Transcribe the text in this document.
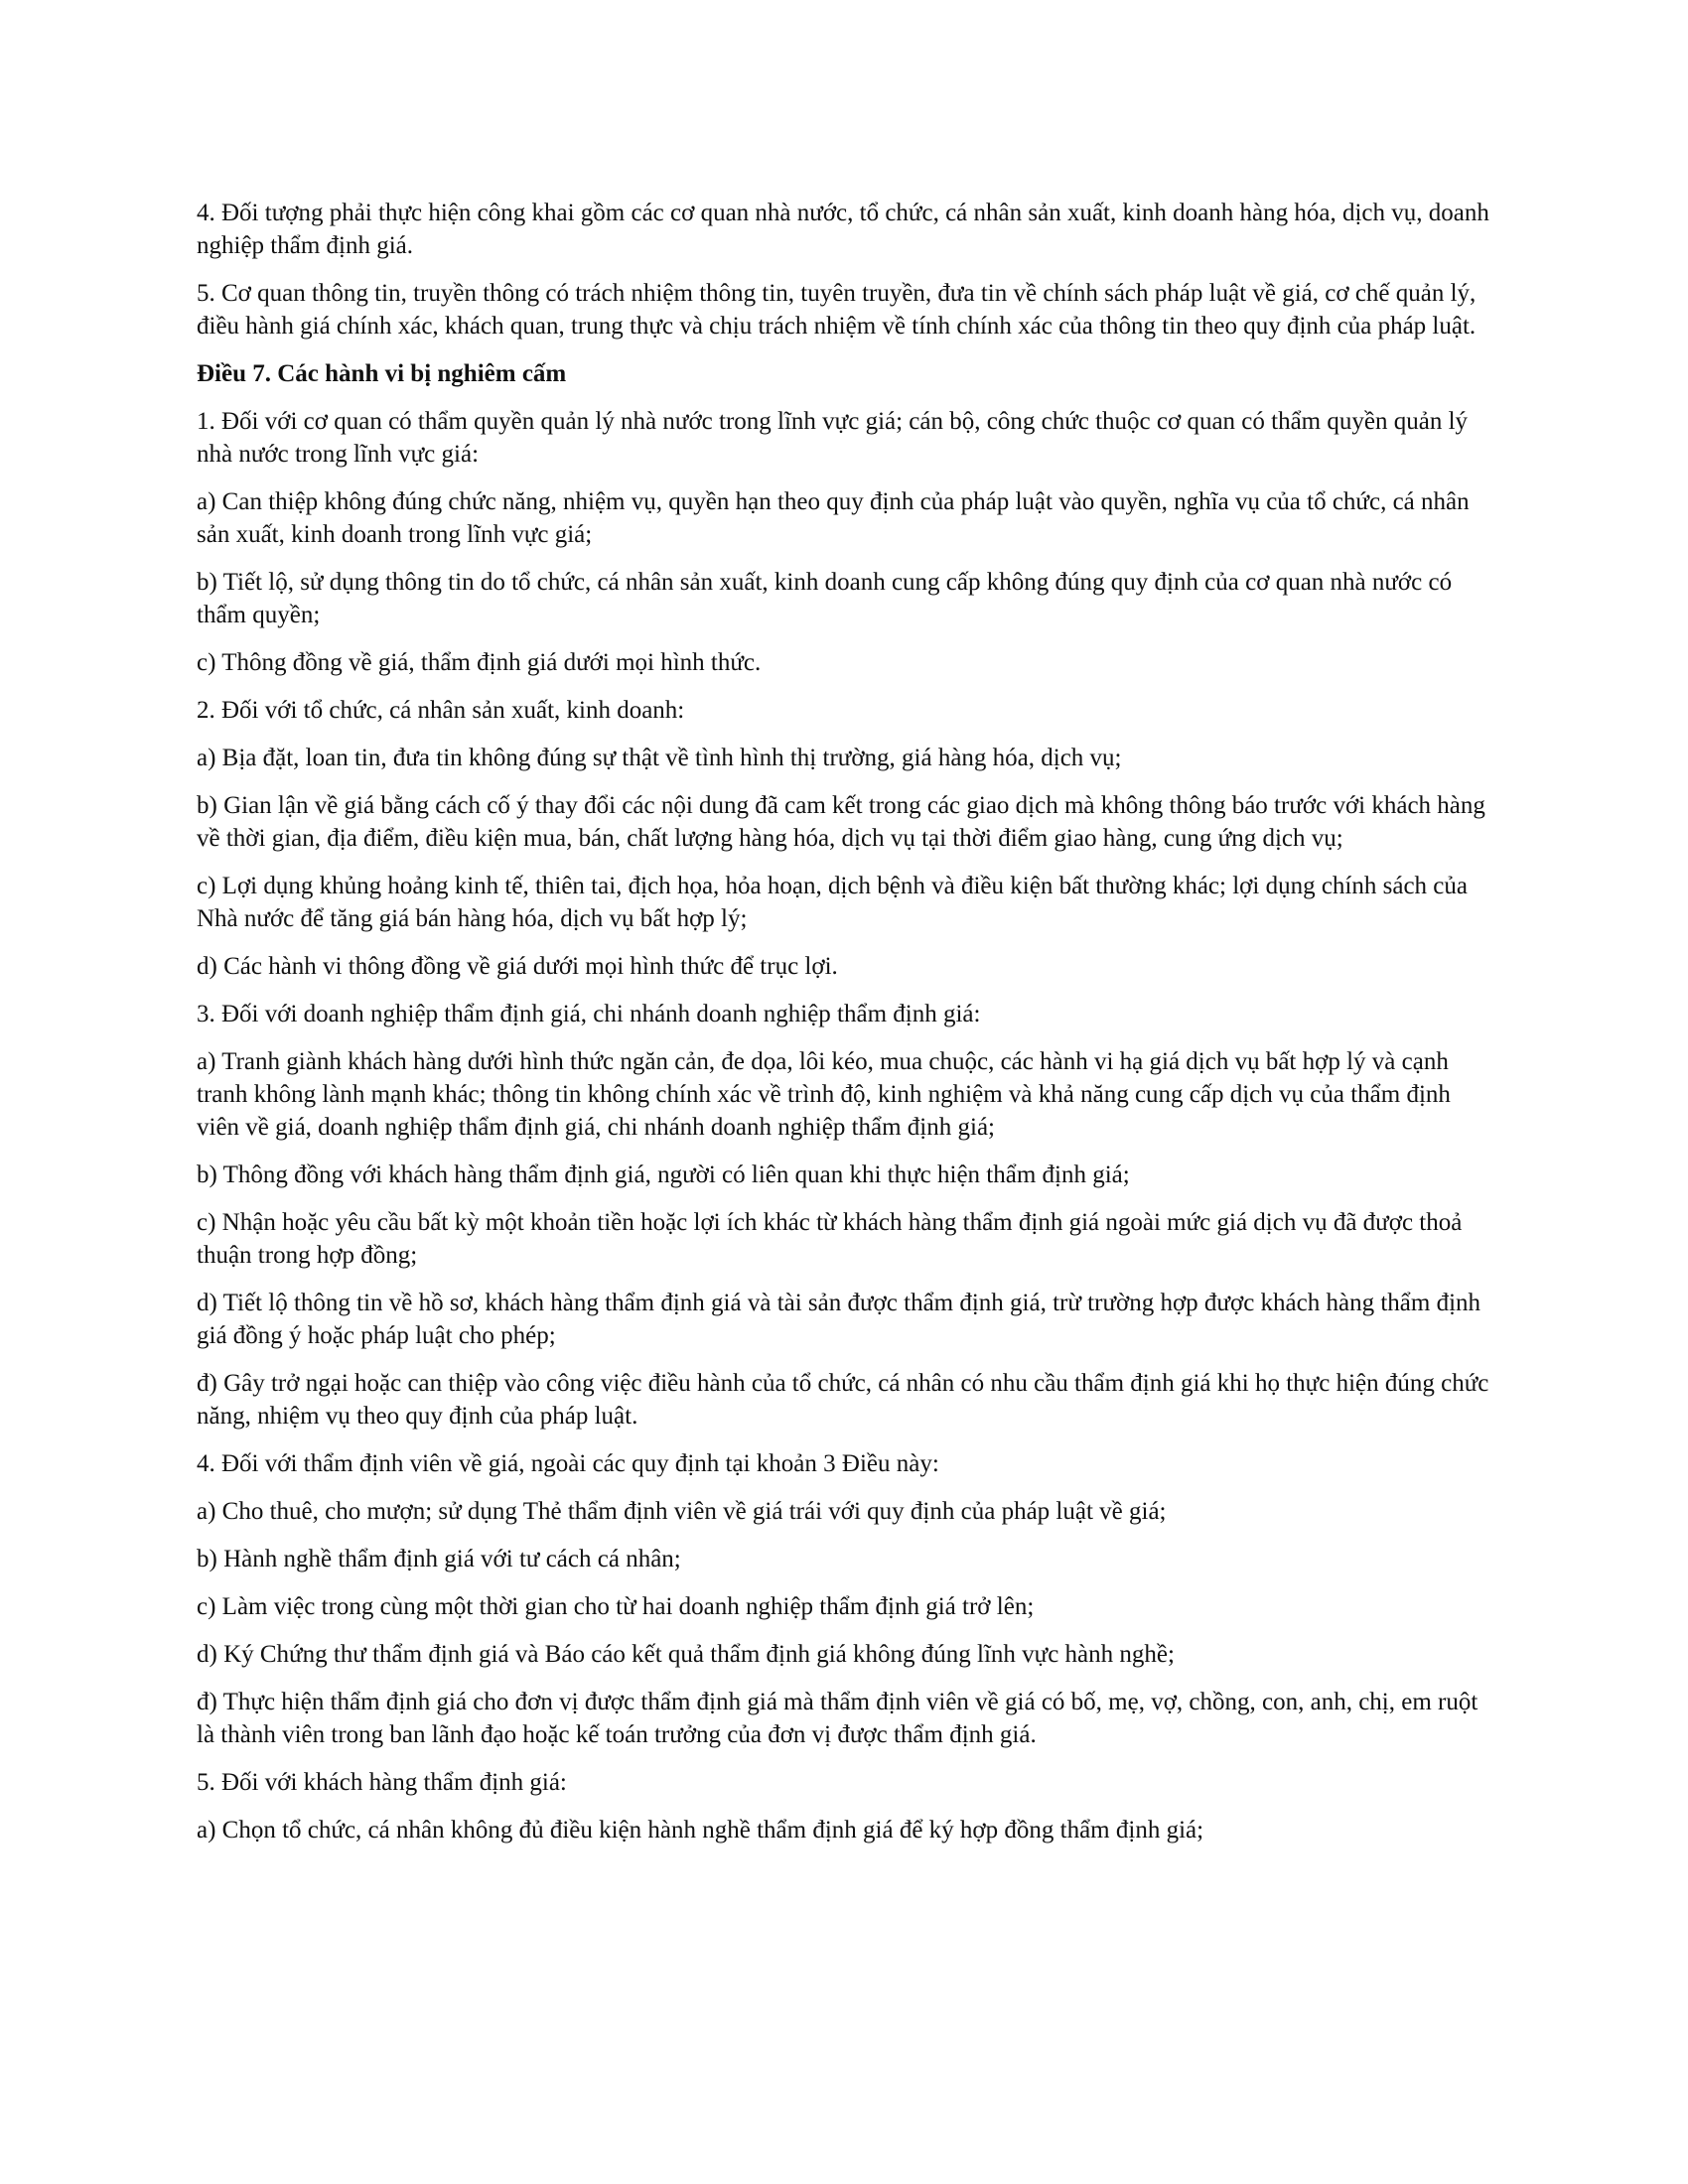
4. Đối tượng phải thực hiện công khai gồm các cơ quan nhà nước, tổ chức, cá nhân sản xuất, kinh doanh hàng hóa, dịch vụ, doanh nghiệp thẩm định giá.

5. Cơ quan thông tin, truyền thông có trách nhiệm thông tin, tuyên truyền, đưa tin về chính sách pháp luật về giá, cơ chế quản lý, điều hành giá chính xác, khách quan, trung thực và chịu trách nhiệm về tính chính xác của thông tin theo quy định của pháp luật.

Điều 7. Các hành vi bị nghiêm cấm

1. Đối với cơ quan có thẩm quyền quản lý nhà nước trong lĩnh vực giá; cán bộ, công chức thuộc cơ quan có thẩm quyền quản lý nhà nước trong lĩnh vực giá:

a) Can thiệp không đúng chức năng, nhiệm vụ, quyền hạn theo quy định của pháp luật vào quyền, nghĩa vụ của tổ chức, cá nhân sản xuất, kinh doanh trong lĩnh vực giá;

b) Tiết lộ, sử dụng thông tin do tổ chức, cá nhân sản xuất, kinh doanh cung cấp không đúng quy định của cơ quan nhà nước có thẩm quyền;

c) Thông đồng về giá, thẩm định giá dưới mọi hình thức.

2. Đối với tổ chức, cá nhân sản xuất, kinh doanh:

a) Bịa đặt, loan tin, đưa tin không đúng sự thật về tình hình thị trường, giá hàng hóa, dịch vụ;

b) Gian lận về giá bằng cách cố ý thay đổi các nội dung đã cam kết trong các giao dịch mà không thông báo trước với khách hàng về thời gian, địa điểm, điều kiện mua, bán, chất lượng hàng hóa, dịch vụ tại thời điểm giao hàng, cung ứng dịch vụ;

c) Lợi dụng khủng hoảng kinh tế, thiên tai, địch họa, hỏa hoạn, dịch bệnh và điều kiện bất thường khác; lợi dụng chính sách của Nhà nước để tăng giá bán hàng hóa, dịch vụ bất hợp lý;

d) Các hành vi thông đồng về giá dưới mọi hình thức để trục lợi.

3. Đối với doanh nghiệp thẩm định giá, chi nhánh doanh nghiệp thẩm định giá:

a) Tranh giành khách hàng dưới hình thức ngăn cản, đe dọa, lôi kéo, mua chuộc, các hành vi hạ giá dịch vụ bất hợp lý và cạnh tranh không lành mạnh khác; thông tin không chính xác về trình độ, kinh nghiệm và khả năng cung cấp dịch vụ của thẩm định viên về giá, doanh nghiệp thẩm định giá, chi nhánh doanh nghiệp thẩm định giá;

b) Thông đồng với khách hàng thẩm định giá, người có liên quan khi thực hiện thẩm định giá;

c) Nhận hoặc yêu cầu bất kỳ một khoản tiền hoặc lợi ích khác từ khách hàng thẩm định giá ngoài mức giá dịch vụ đã được thoả thuận trong hợp đồng;

d) Tiết lộ thông tin về hồ sơ, khách hàng thẩm định giá và tài sản được thẩm định giá, trừ trường hợp được khách hàng thẩm định giá đồng ý hoặc pháp luật cho phép;

đ) Gây trở ngại hoặc can thiệp vào công việc điều hành của tổ chức, cá nhân có nhu cầu thẩm định giá khi họ thực hiện đúng chức năng, nhiệm vụ theo quy định của pháp luật.

4. Đối với thẩm định viên về giá, ngoài các quy định tại khoản 3 Điều này:

a) Cho thuê, cho mượn; sử dụng Thẻ thẩm định viên về giá trái với quy định của pháp luật về giá;

b) Hành nghề thẩm định giá với tư cách cá nhân;

c) Làm việc trong cùng một thời gian cho từ hai doanh nghiệp thẩm định giá trở lên;

d) Ký Chứng thư thẩm định giá và Báo cáo kết quả thẩm định giá không đúng lĩnh vực hành nghề;

đ) Thực hiện thẩm định giá cho đơn vị được thẩm định giá mà thẩm định viên về giá có bố, mẹ, vợ, chồng, con, anh, chị, em ruột là thành viên trong ban lãnh đạo hoặc kế toán trưởng của đơn vị được thẩm định giá.

5. Đối với khách hàng thẩm định giá:

a) Chọn tổ chức, cá nhân không đủ điều kiện hành nghề thẩm định giá để ký hợp đồng thẩm định giá;
